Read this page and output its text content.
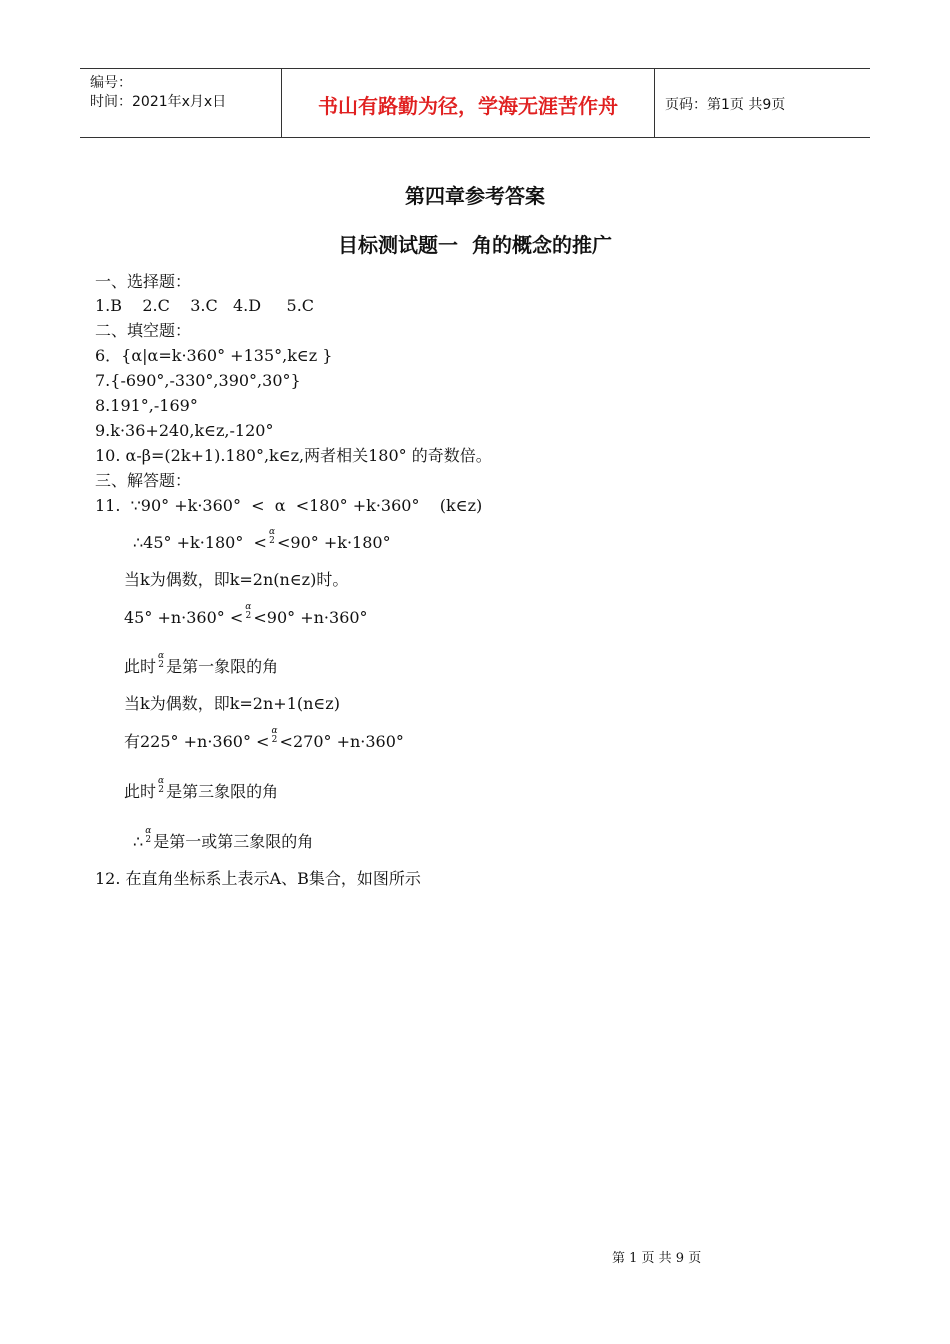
编号：
时间：2021年x月x日	书山有路勤为径，学海无涯苦作舟	页码：第1页 共9页
第四章参考答案
目标测试题一  角的概念的推广
一、选择题：
1.B    2.C    3.C   4.D     5.C
二、填空题：
6．{α|α=k·360° +135°,k∈z }
7.{-690°,-330°,390°,30°}
8.191°,-169°
9.k·36+240,k∈z,-120°
10. α-β=(2k+1).180°,k∈z,两者相关180° 的奇数倍。
三、解答题：
11.  ∵90° +k·360°  <  α  <180° +k·360°    (k∈z)
∴45° +k·180°  <
α
2 <90° +k·180°
当k为偶数，即k=2n(n∈z)时。
45° +n·360° <
α
2 <90° +n·360°
此时
α
2 是第一象限的角
当k为偶数，即k=2n+1(n∈z)
有225° +n·360° <
α
2 <270° +n·360°
此时
α
2 是第三象限的角
∴
α
2 是第一或第三象限的角
12. 在直角坐标系上表示A、B集合，如图所示
第 1 页 共 9 页
